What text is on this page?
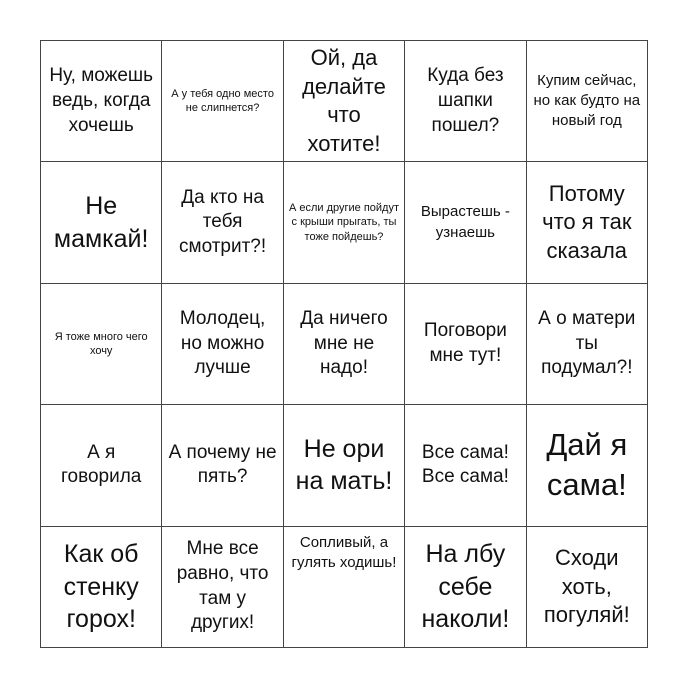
Ну, можешь ведь, когда хочешь
А у тебя одно место не слипнется?
Ой, да делайте что хотите!
Куда без шапки пошел?
Купим сейчас, но как будто на новый год
Не мамкай!
Да кто на тебя смотрит?!
А если другие пойдут с крыши прыгать, ты тоже пойдешь?
Вырастешь - узнаешь
Потому что я так сказала
Я тоже много чего хочу
Молодец, но можно лучше
Да ничего мне не надо!
Поговори мне тут!
А о матери ты подумал?!
А я говорила
А почему не пять?
Не ори на мать!
Все сама! Все сама!
Дай я сама!
Как об стенку горох!
Мне все равно, что там у других!
Сопливый, а гулять ходишь!	На лбу себе наколи!
Сходи хоть, погуляй!
